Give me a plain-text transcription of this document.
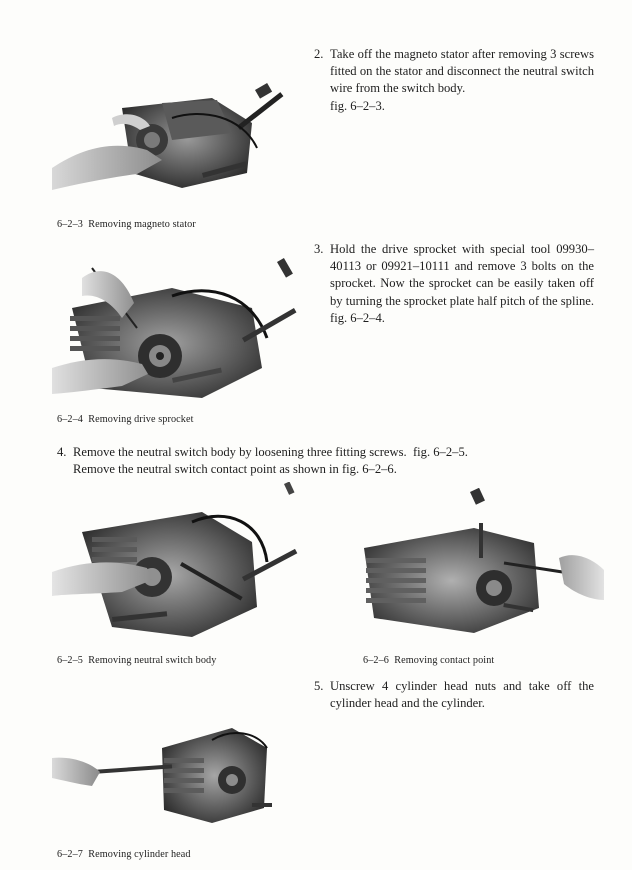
2. Take off the magneto stator after removing 3 screws fitted on the stator and disconnect the neutral switch wire from the switch body.
fig. 6–2–3.
6–2–3 Removing magneto stator
3. Hold the drive sprocket with special tool 09930–40113 or 09921–10111 and remove 3 bolts on the sprocket. Now the sprocket can be easily taken off by turning the sprocket plate half pitch of the spline. fig. 6–2–4.
6–2–4 Removing drive sprocket
4. Remove the neutral switch body by loosening three fitting screws. fig. 6–2–5.
Remove the neutral switch contact point as shown in fig. 6–2–6.
6–2–5 Removing neutral switch body	6–2–6 Removing contact point
5. Unscrew 4 cylinder head nuts and take off the cylinder head and the cylinder.
6–2–7 Removing cylinder head
